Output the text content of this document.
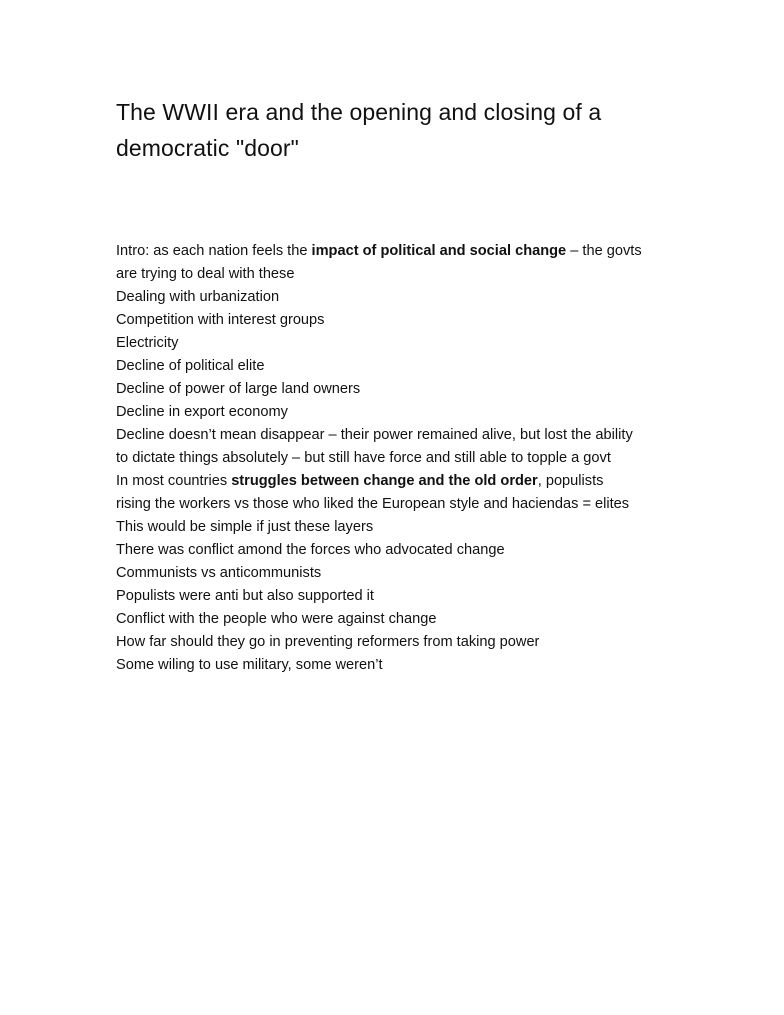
The WWII era and the opening and closing of a democratic "door"
Intro: as each nation feels the impact of political and social change – the govts
are trying to deal with these
Dealing with urbanization
Competition with interest groups
Electricity
Decline of political elite
Decline of power of large land owners
Decline in export economy
Decline doesn’t mean disappear – their power remained alive, but lost the ability
to dictate things absolutely – but still have force and still able to topple a govt
In most countries struggles between change and the old order, populists
rising the workers vs those who liked the European style and haciendas = elites
This would be simple if just these layers
There was conflict amond the forces who advocated change
Communists vs anticommunists
Populists were anti but also supported it
Conflict with the people who were against change
How far should they go in preventing reformers from taking power
Some wiling to use military, some weren’t
